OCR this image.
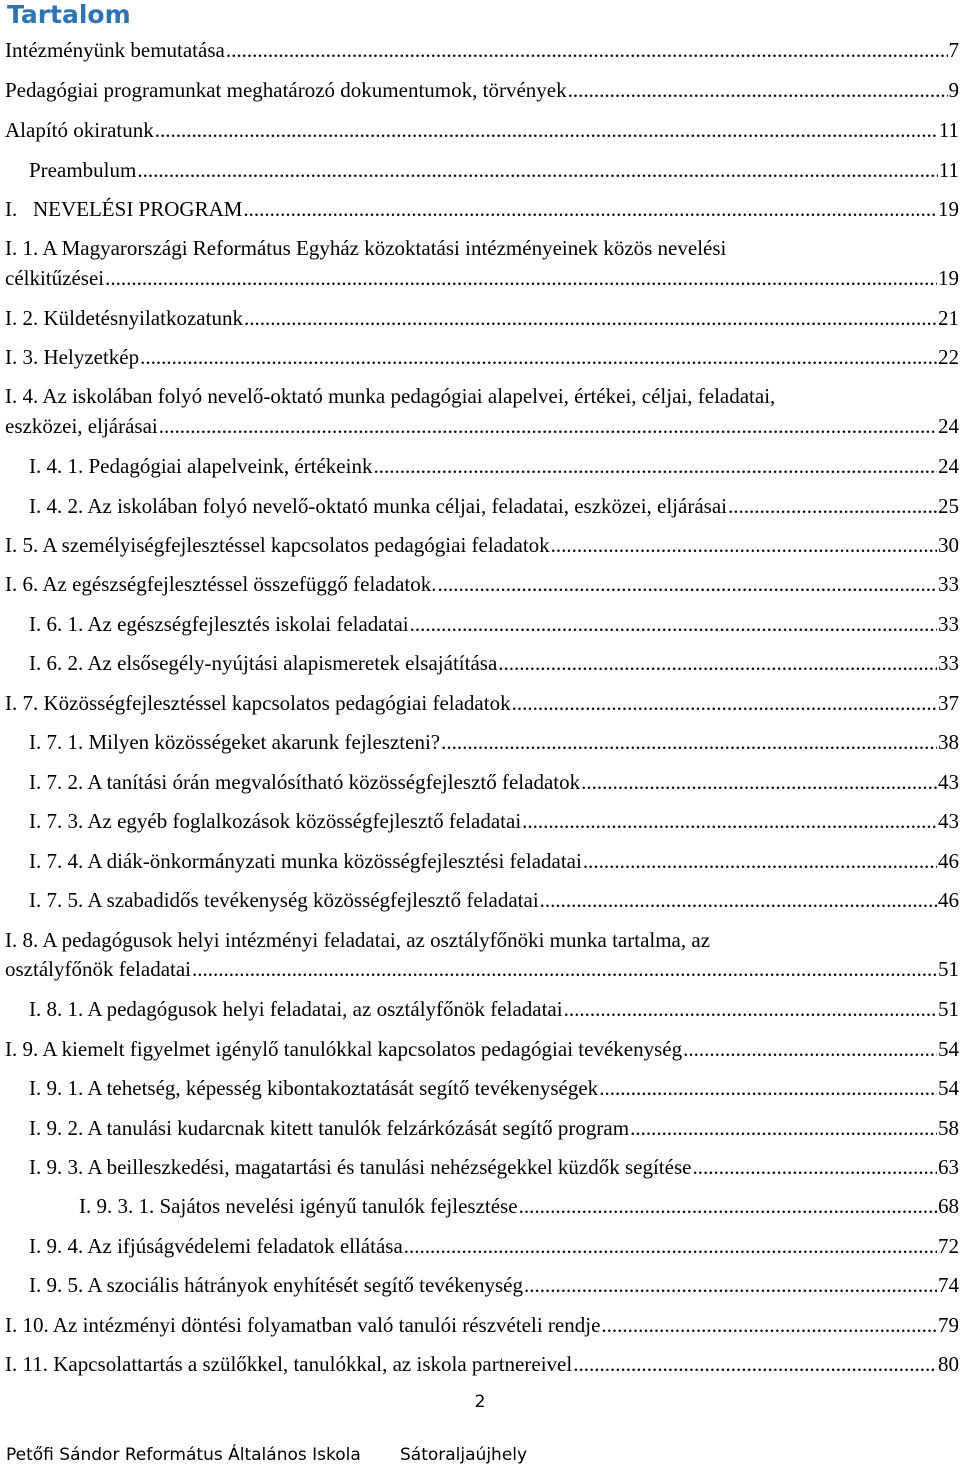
Tartalom
Intézményünk bemutatása .....	7
Pedagógiai programunkat meghatározó dokumentumok, törvények .....	9
Alapító okiratunk .....	11
Preambulum .....	11
I.   NEVELÉSI PROGRAM .....	19
I. 1. A Magyarországi Református Egyház közoktatási intézményeinek közös nevelési
célkitűzései .....	19
I. 2. Küldetésnyilatkozatunk .....	21
I. 3. Helyzetkép .....	22
I. 4. Az iskolában folyó nevelő-oktató munka pedagógiai alapelvei, értékei, céljai, feladatai,
eszközei, eljárásai .....	24
I. 4. 1. Pedagógiai alapelveink, értékeink .....	24
I. 4. 2. Az iskolában folyó nevelő-oktató munka céljai, feladatai, eszközei, eljárásai .....	25
I. 5. A személyiségfejlesztéssel kapcsolatos pedagógiai feladatok .....	30
I. 6. Az egészségfejlesztéssel összefüggő feladatok. .....	33
I. 6. 1. Az egészségfejlesztés iskolai feladatai .....	33
I. 6. 2. Az elsősegély-nyújtási alapismeretek elsajátítása .....	33
I. 7. Közösségfejlesztéssel kapcsolatos pedagógiai feladatok .....	37
I. 7. 1. Milyen közösségeket akarunk fejleszteni? .....	38
I. 7. 2. A tanítási órán megvalósítható közösségfejlesztő feladatok .....	43
I. 7. 3. Az egyéb foglalkozások közösségfejlesztő feladatai .....	43
I. 7. 4. A diák-önkormányzati munka közösségfejlesztési feladatai .....	46
I. 7. 5. A szabadidős tevékenység közösségfejlesztő feladatai .....	46
I. 8. A pedagógusok helyi intézményi feladatai, az osztályfőnöki munka tartalma, az
osztályfőnök feladatai .....	51
I. 8. 1. A pedagógusok helyi feladatai, az osztályfőnök feladatai .....	51
I. 9. A kiemelt figyelmet igénylő tanulókkal kapcsolatos pedagógiai tevékenység .....	54
I. 9. 1. A tehetség, képesség kibontakoztatását segítő tevékenységek .....	54
I. 9. 2. A tanulási kudarcnak kitett tanulók felzárkózását segítő program .....	58
I. 9. 3. A beilleszkedési, magatartási és tanulási nehézségekkel küzdők segítése .....	63
I. 9. 3. 1. Sajátos nevelési igényű tanulók fejlesztése .....	68
I. 9. 4. Az ifjúságvédelemi feladatok ellátása .....	72
I. 9. 5. A szociális hátrányok enyhítését segítő tevékenység .....	74
I. 10. Az intézményi döntési folyamatban való tanulói részvételi rendje .....	79
I. 11. Kapcsolattartás a szülőkkel, tanulókkal, az iskola partnereivel .....	80
2
Petőfi Sándor Református Általános Iskola Sátoraljaújhely
